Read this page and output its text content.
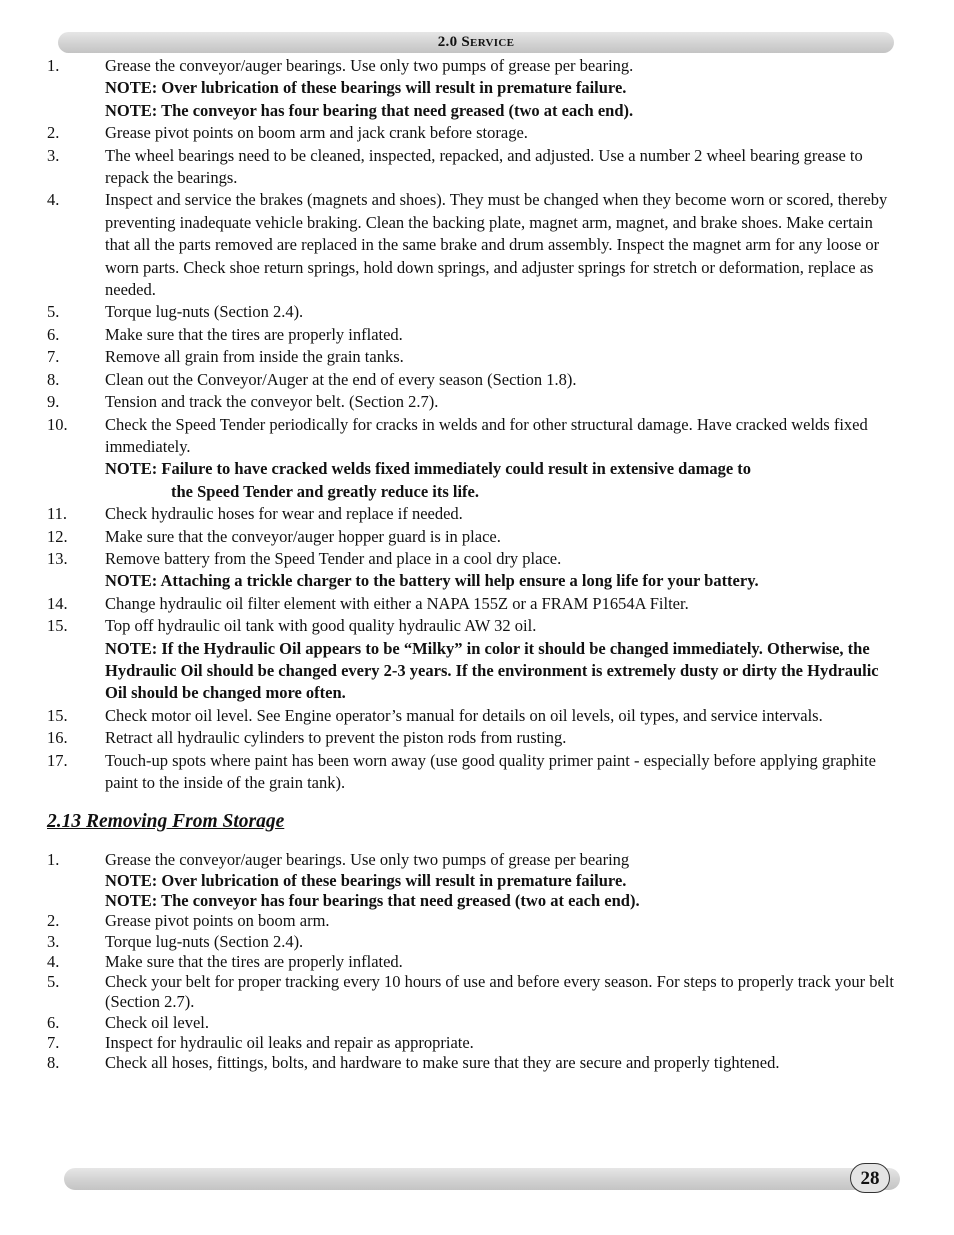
2.0 Service
1.	Grease the conveyor/auger bearings. Use only two pumps of grease per bearing.
NOTE: Over lubrication of these bearings will result in premature failure.
NOTE: The conveyor has four bearing that need greased (two at each end).
2.	Grease pivot points on boom arm and jack crank before storage.
3.	The wheel bearings need to be cleaned, inspected, repacked, and adjusted. Use a number 2 wheel bearing grease to repack the bearings.
4.	Inspect and service the brakes (magnets and shoes). They must be changed when they become worn or scored, thereby preventing inadequate vehicle braking. Clean the backing plate, magnet arm, magnet, and brake shoes. Make certain that all the parts removed are replaced in the same brake and drum assembly. Inspect the magnet arm for any loose or worn parts. Check shoe return springs, hold down springs, and adjuster springs for stretch or deformation, replace as needed.
5.	Torque lug-nuts (Section 2.4).
6.	Make sure that the tires are properly inflated.
7.	Remove all grain from inside the grain tanks.
8.	Clean out the Conveyor/Auger at the end of every season (Section 1.8).
9.	Tension and track the conveyor belt. (Section 2.7).
10.	Check the Speed Tender periodically for cracks in welds and for other structural damage. Have cracked welds fixed immediately.
NOTE: Failure to have cracked welds fixed immediately could result in extensive damage to
the Speed Tender and greatly reduce its life.
11.	Check hydraulic hoses for wear and replace if needed.
12.	Make sure that the conveyor/auger hopper guard is in place.
13.	Remove battery from the Speed Tender and place in a cool dry place.
NOTE: Attaching a trickle charger to the battery will help ensure a long life for your battery.
14.	Change hydraulic oil filter element with either a NAPA 155Z or a FRAM P1654A Filter.
15.	Top off hydraulic oil tank with good quality hydraulic AW 32 oil.
NOTE: If the Hydraulic Oil appears to be “Milky” in color it should be changed immediately. Otherwise, the Hydraulic Oil should be changed every 2-3 years. If the environment is extremely dusty or dirty the Hydraulic Oil should be changed more often.
15.	Check motor oil level. See Engine operator’s manual for details on oil levels, oil types, and service intervals.
16.	Retract all hydraulic cylinders to prevent the piston rods from rusting.
17.	Touch-up spots where paint has been worn away (use good quality primer paint - especially before applying graphite paint to the inside of the grain tank).
2.13 Removing From Storage
1.	Grease the conveyor/auger bearings. Use only two pumps of grease per bearing
NOTE: Over lubrication of these bearings will result in premature failure.
NOTE: The conveyor has four bearings that need greased (two at each end).
2.	Grease pivot points on boom arm.
3.	Torque lug-nuts (Section 2.4).
4.	Make sure that the tires are properly inflated.
5.	Check your belt for proper tracking every 10 hours of use and before every season. For steps to properly track your belt (Section 2.7).
6.	Check oil level.
7.	Inspect for hydraulic oil leaks and repair as appropriate.
8.	Check all hoses, fittings, bolts, and hardware to make sure that they are secure and properly tightened.
28
